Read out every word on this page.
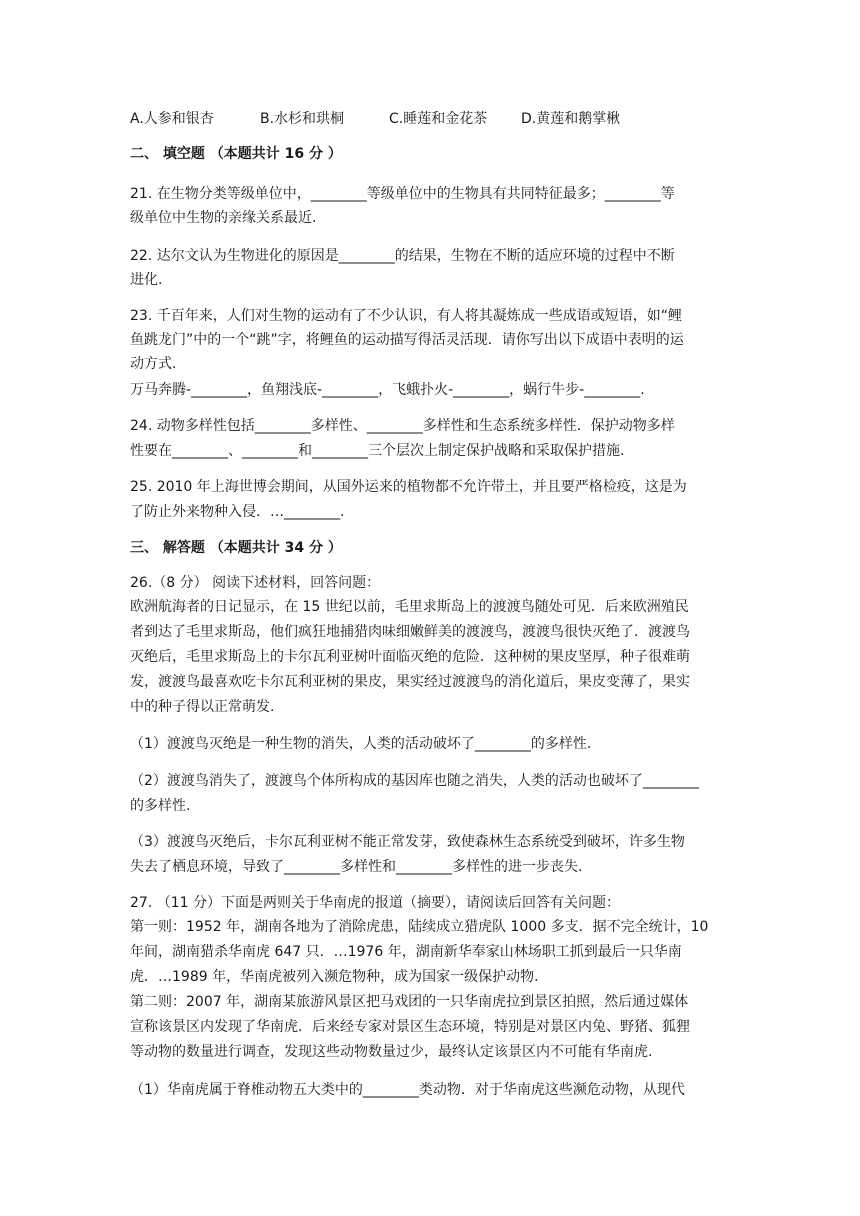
A.人参和银杏	B.水杉和珙桐	C.睡莲和金花茶 D.黄莲和鹅掌楸
二、 填空题 （本题共计 16 分 ）
21. 在生物分类等级单位中，________等级单位中的生物具有共同特征最多；________等
级单位中生物的亲缘关系最近.
22. 达尔文认为生物进化的原因是________的结果，生物在不断的适应环境的过程中不断
进化.
23. 千百年来，人们对生物的运动有了不少认识，有人将其凝炼成一些成语或短语，如“鲤
鱼跳龙门”中的一个“跳”字，将鲤鱼的运动描写得活灵活现．请你写出以下成语中表明的运
动方式.
万马奔腾-________，鱼翔浅底-________，飞蛾扑火-________，蜗行牛步-________.
24. 动物多样性包括________多样性、________多样性和生态系统多样性．保护动物多样
性要在________、________和________三个层次上制定保护战略和采取保护措施.
25. 2010 年上海世博会期间，从国外运来的植物都不允许带土，并且要严格检疫，这是为
了防止外来物种入侵．…________.
三、 解答题 （本题共计 34 分 ）
26.（8 分） 阅读下述材料，回答问题：
欧洲航海者的日记显示，在 15 世纪以前，毛里求斯岛上的渡渡鸟随处可见．后来欧洲殖民
者到达了毛里求斯岛，他们疯狂地捕猎肉味细嫩鲜美的渡渡鸟，渡渡鸟很快灭绝了．渡渡鸟
灭绝后，毛里求斯岛上的卡尔瓦利亚树叶面临灭绝的危险．这种树的果皮坚厚，种子很难萌
发，渡渡鸟最喜欢吃卡尔瓦利亚树的果皮，果实经过渡渡鸟的消化道后，果皮变薄了，果实
中的种子得以正常萌发.
（1）渡渡鸟灭绝是一种生物的消失，人类的活动破坏了________的多样性.
（2）渡渡鸟消失了，渡渡鸟个体所构成的基因库也随之消失，人类的活动也破坏了________
的多样性.
（3）渡渡鸟灭绝后，卡尔瓦利亚树不能正常发芽，致使森林生态系统受到破坏，许多生物
失去了栖息环境，导致了________多样性和________多样性的进一步丧失.
27. （11 分）下面是两则关于华南虎的报道（摘要），请阅读后回答有关问题：
第一则：1952 年，湖南各地为了消除虎患，陆续成立猎虎队 1000 多支．据不完全统计，10
年间，湖南猎杀华南虎 647 只．…1976 年，湖南新华奉家山林场职工抓到最后一只华南
虎．…1989 年，华南虎被列入濒危物种，成为国家一级保护动物.
第二则：2007 年，湖南某旅游风景区把马戏团的一只华南虎拉到景区拍照，然后通过媒体
宣称该景区内发现了华南虎．后来经专家对景区生态环境，特别是对景区内兔、野猪、狐狸
等动物的数量进行调查，发现这些动物数量过少，最终认定该景区内不可能有华南虎.
（1）华南虎属于脊椎动物五大类中的________类动物．对于华南虎这些濒危动物，从现代
